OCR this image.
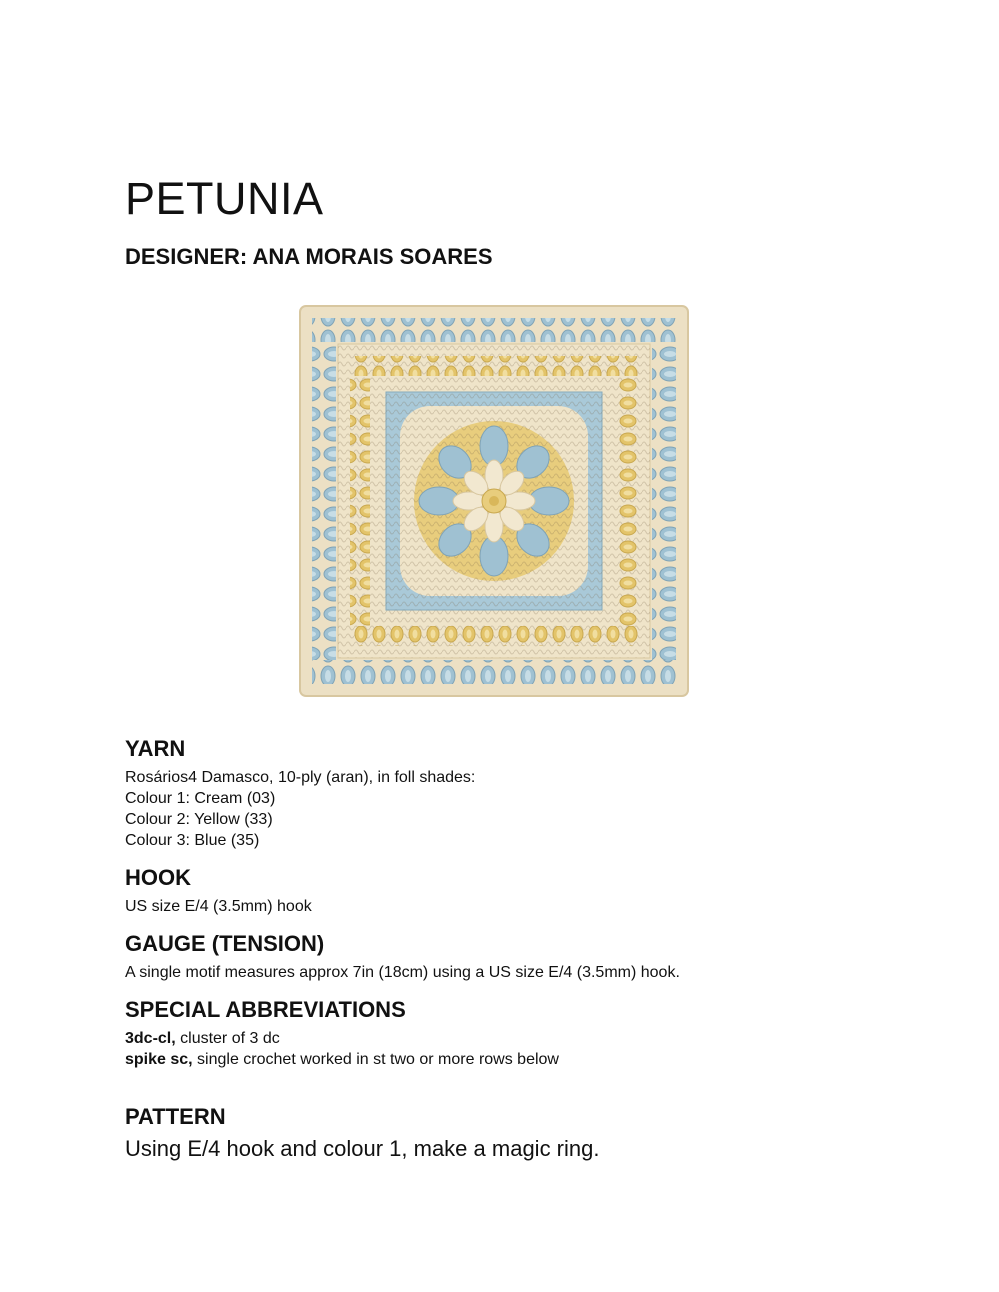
PETUNIA
DESIGNER: ANA MORAIS SOARES
YARN

Rosários4 Damasco, 10-ply (aran), in foll shades:

Colour 1: Cream (03)

Colour 2: Yellow (33)

Colour 3: Blue (35)

HOOK

US size E/4 (3.5mm) hook

GAUGE (TENSION)

A single motif measures approx 7in (18cm) using a US size E/4 (3.5mm) hook.

SPECIAL ABBREVIATIONS

3dc-cl, cluster of 3 dc

spike sc, single crochet worked in st two or more rows below

PATTERN
Using E/4 hook and colour 1, make a magic ring.
